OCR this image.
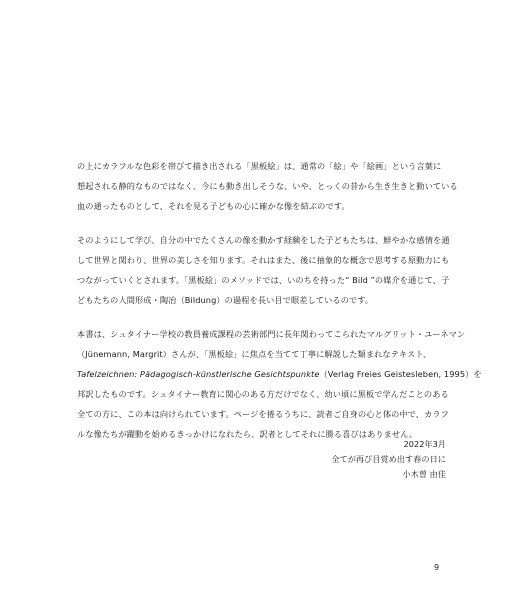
の上にカラフルな色彩を帯びて描き出される「黒板絵」は、通常の「絵」や「絵画」という言葉に
想起される静的なものではなく、今にも動き出しそうな、いや、とっくの昔から生き生きと動いている
血の通ったものとして、それを見る子どもの心に確かな像を結ぶのです。

そのようにして学び、自分の中でたくさんの像を動かす経験をした子どもたちは、鮮やかな感情を通
して世界と関わり、世界の美しさを知ります。それはまた、後に抽象的な概念で思考する原動力にも
つながっていくとされます。「黒板絵」のメソッドでは、いのちを持った“ Bild ”の媒介を通じて、子
どもたちの人間形成・陶冶（Bildung）の過程を長い目で眼差しているのです。

本書は、シュタイナー学校の教員養成課程の芸術部門に長年関わってこられたマルグリット・ユーネマン
（Jünemann, Margrit）さんが、「黒板絵」に焦点を当てて丁寧に解説した類まれなテキスト、
Tafelzeichnen: Pädagogisch-künstlerische Gesichtspunkte（Verlag Freies Geistesleben, 1995）を
邦訳したものです。シュタイナー教育に関心のある方だけでなく、幼い頃に黒板で学んだことのある
全ての方に、この本は向けられています。ページを捲るうちに、読者ご自身の心と体の中で、カラフ
ルな像たちが躍動を始めるきっかけになれたら、訳者としてそれに勝る喜びはありません。

2022年3月
全てが再び目覚め出す春の日に
小木曽 由佳
9
